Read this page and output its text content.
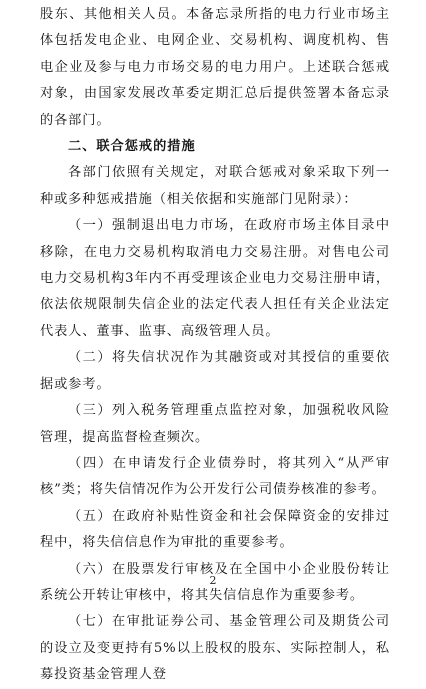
股东、其他相关人员。本备忘录所指的电力行业市场主体包括发电企业、电网企业、交易机构、调度机构、售电企业及参与电力市场交易的电力用户。上述联合惩戒对象，由国家发展改革委定期汇总后提供签署本备忘录的各部门。

二、联合惩戒的措施

各部门依照有关规定，对联合惩戒对象采取下列一种或多种惩戒措施（相关依据和实施部门见附录）：

（一）强制退出电力市场，在政府市场主体目录中移除，在电力交易机构取消电力交易注册。对售电公司电力交易机构3年内不再受理该企业电力交易注册申请，依法依规限制失信企业的法定代表人担任有关企业法定代表人、董事、监事、高级管理人员。

（二）将失信状况作为其融资或对其授信的重要依据或参考。

（三）列入税务管理重点监控对象，加强税收风险管理，提高监督检查频次。

（四）在申请发行企业债券时，将其列入“从严审核”类；将失信情况作为公开发行公司债券核准的参考。

（五）在政府补贴性资金和社会保障资金的安排过程中，将失信信息作为审批的重要参考。

（六）在股票发行审核及在全国中小企业股份转让系统公开转让审核中，将其失信信息作为重要参考。

（七）在审批证券公司、基金管理公司及期货公司的设立及变更持有5%以上股权的股东、实际控制人，私募投资基金管理人登

2
